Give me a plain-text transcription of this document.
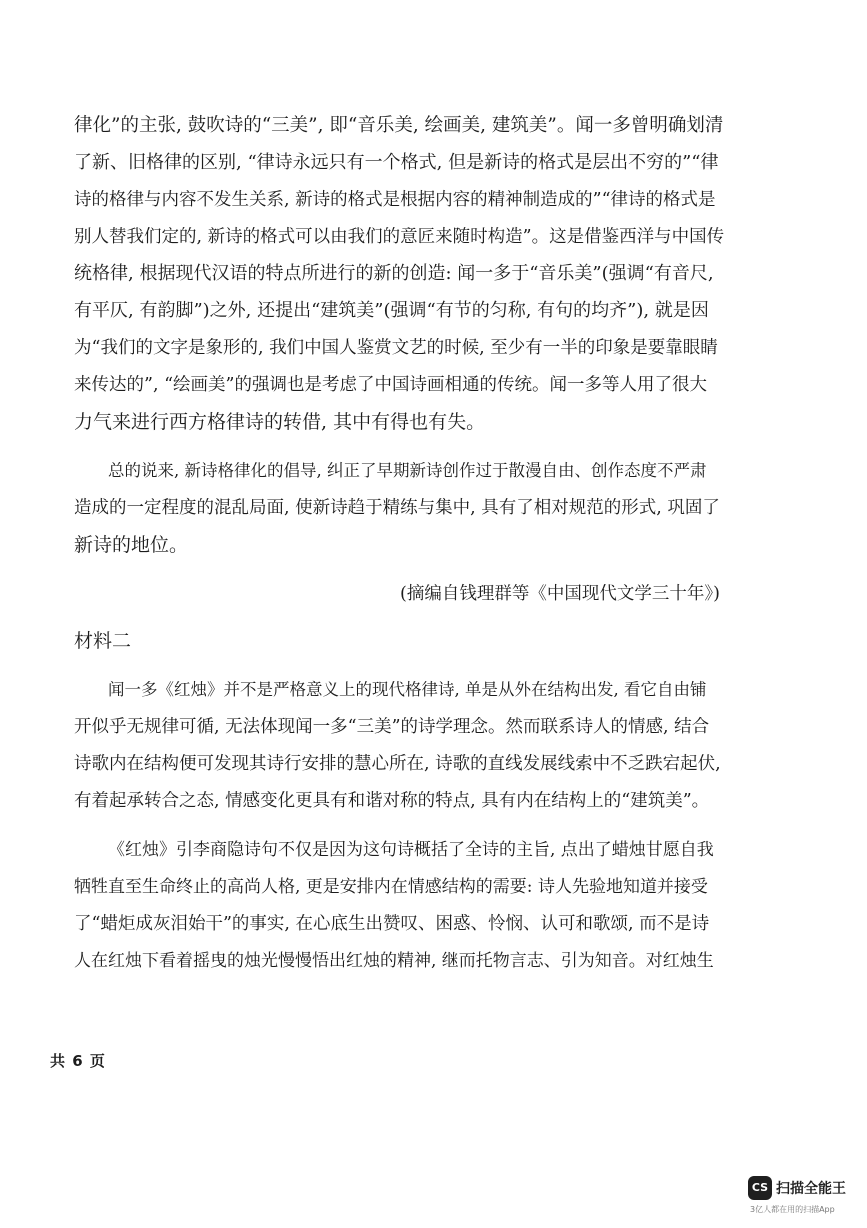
律化”的主张, 鼓吹诗的“三美”, 即“音乐美, 绘画美, 建筑美”。闻一多曾明确划清
了新、旧格律的区别, “律诗永远只有一个格式, 但是新诗的格式是层出不穷的”“律
诗的格律与内容不发生关系, 新诗的格式是根据内容的精神制造成的”“律诗的格式是
别人替我们定的, 新诗的格式可以由我们的意匠来随时构造”。这是借鉴西洋与中国传
统格律, 根据现代汉语的特点所进行的新的创造: 闻一多于“音乐美”(强调“有音尺,
有平仄, 有韵脚”)之外, 还提出“建筑美”(强调“有节的匀称, 有句的均齐”), 就是因
为“我们的文字是象形的, 我们中国人鉴赏文艺的时候, 至少有一半的印象是要靠眼睛
来传达的”, “绘画美”的强调也是考虑了中国诗画相通的传统。闻一多等人用了很大
力气来进行西方格律诗的转借, 其中有得也有失。
总的说来, 新诗格律化的倡导, 纠正了早期新诗创作过于散漫自由、创作态度不严肃
造成的一定程度的混乱局面, 使新诗趋于精练与集中, 具有了相对规范的形式, 巩固了
新诗的地位。
(摘编自钱理群等《中国现代文学三十年》)
材料二
闻一多《红烛》并不是严格意义上的现代格律诗, 单是从外在结构出发, 看它自由铺
开似乎无规律可循, 无法体现闻一多“三美”的诗学理念。然而联系诗人的情感, 结合
诗歌内在结构便可发现其诗行安排的慧心所在, 诗歌的直线发展线索中不乏跌宕起伏,
有着起承转合之态, 情感变化更具有和谐对称的特点, 具有内在结构上的“建筑美”。
《红烛》引李商隐诗句不仅是因为这句诗概括了全诗的主旨, 点出了蜡烛甘愿自我
牺牲直至生命终止的高尚人格, 更是安排内在情感结构的需要: 诗人先验地知道并接受
了“蜡炬成灰泪始干”的事实, 在心底生出赞叹、困惑、怜悯、认可和歌颂, 而不是诗
人在红烛下看着摇曳的烛光慢慢悟出红烛的精神, 继而托物言志、引为知音。对红烛生
共 6 页
CS 扫描全能王
3亿人都在用的扫描App
